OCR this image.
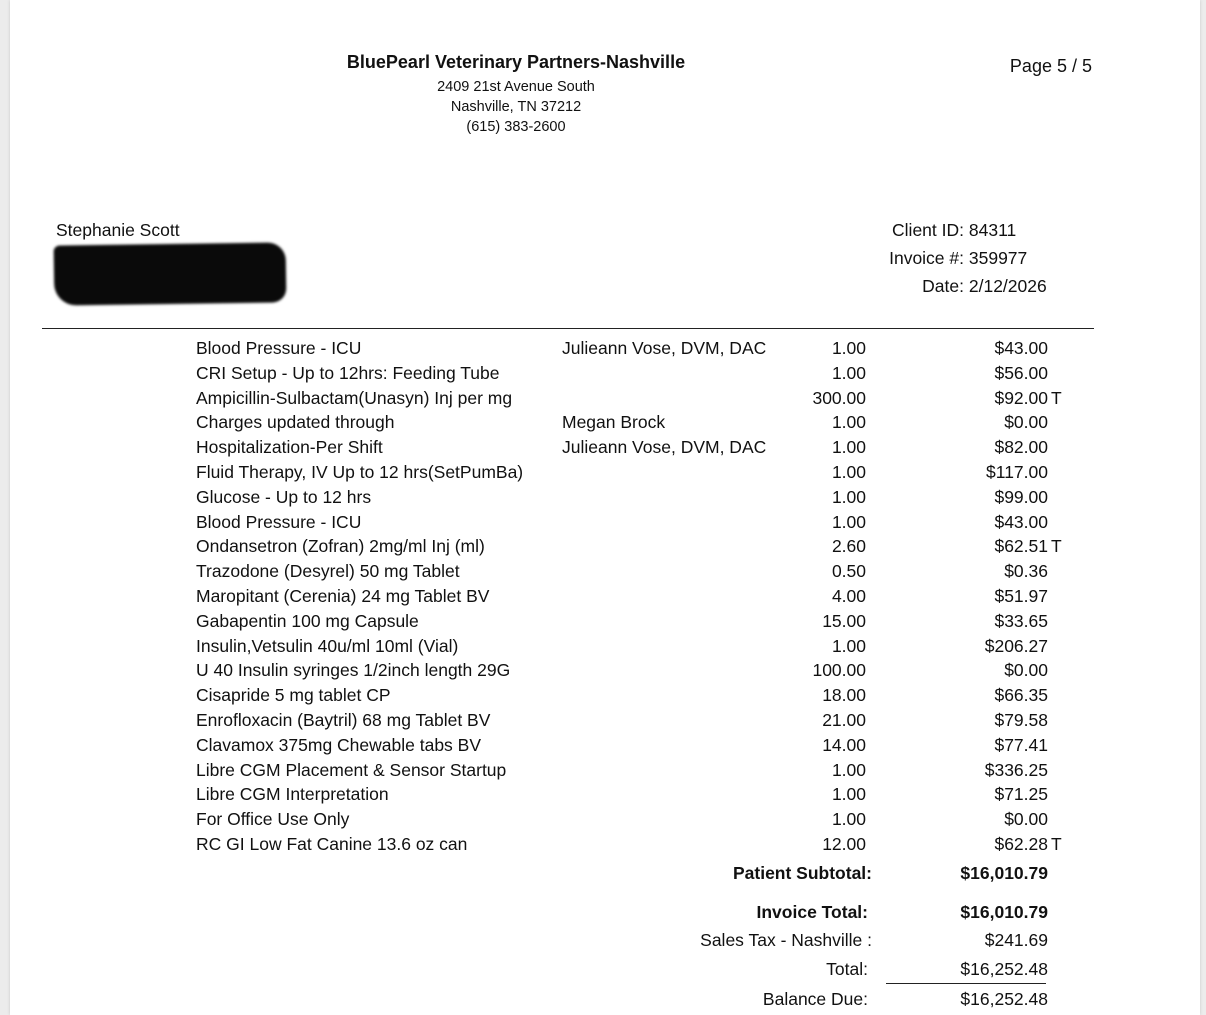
BluePearl Veterinary Partners-Nashville
2409 21st Avenue South
Nashville, TN 37212
(615) 383-2600
Page 5 / 5
Stephanie Scott	Client ID: 84311
Invoice #: 359977
Date: 2/12/2026
Blood Pressure - ICU	Julieann Vose, DVM, DAC	1.00	$43.00
CRI Setup - Up to 12hrs: Feeding Tube	1.00	$56.00
Ampicillin-Sulbactam(Unasyn) Inj per mg	300.00	$92.00 T
Charges updated through	Megan Brock	1.00	$0.00
Hospitalization-Per Shift	Julieann Vose, DVM, DAC	1.00	$82.00
Fluid Therapy, IV Up to 12 hrs(SetPumBa)	1.00	$117.00
Glucose - Up to 12 hrs	1.00	$99.00
Blood Pressure - ICU	1.00	$43.00
Ondansetron (Zofran) 2mg/ml Inj (ml)	2.60	$62.51 T
Trazodone (Desyrel) 50 mg Tablet	0.50	$0.36
Maropitant (Cerenia) 24 mg Tablet BV	4.00	$51.97
Gabapentin 100 mg Capsule	15.00	$33.65
Insulin,Vetsulin 40u/ml 10ml (Vial)	1.00	$206.27
U 40 Insulin syringes 1/2inch length 29G	100.00	$0.00
Cisapride 5 mg tablet CP	18.00	$66.35
Enrofloxacin (Baytril) 68 mg Tablet BV	21.00	$79.58
Clavamox 375mg Chewable tabs BV	14.00	$77.41
Libre CGM Placement & Sensor Startup	1.00	$336.25
Libre CGM Interpretation	1.00	$71.25
For Office Use Only	1.00	$0.00
RC GI Low Fat Canine 13.6 oz can	12.00	$62.28 T
Patient Subtotal:	$16,010.79
Invoice Total:	$16,010.79
Sales Tax - Nashville :	$241.69
Total:	$16,252.48
Balance Due:	$16,252.48
